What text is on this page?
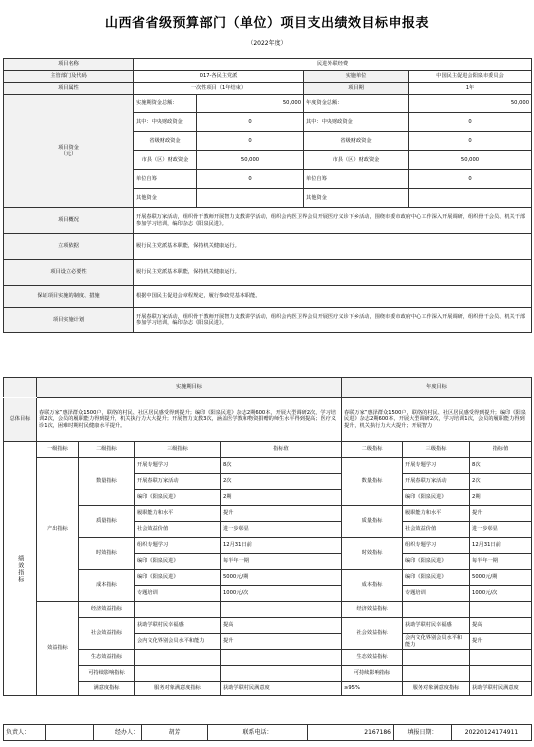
山西省省级预算部门（单位）项目支出绩效目标申报表
（2022年度）
项目名称	民进外联经费			
主管部门及代码	017-各民主党派		实施单位	中国民主促进会阳泉市委员会
项目属性	一次性项目（1年结束）		项目期	1年
项目资金
（元）	实施期资金总额：	50,000	年度资金总额：	50,000
	其中：中央财政资金	0	其中：中央财政资金	0
	省级财政资金	0	省级财政资金	0
	市县（区）财政资金	50,000	市县（区）财政资金	50,000
	单位自筹	0	单位自筹	0
	其他资金		其他资金	
项目概况	开展春联万家活动，组织骨干教师开展智力支教讲学活动，组织会内医卫界会员开展医疗义诊下乡活动，围绕市委市政府中心工作深入开展调研，组织骨干会员、机关干部参加学习培训，编印杂志《阳泉民进》。			
立项依据	履行民主党派基本职能，保持机关健康运行。			
项目设立必要性	履行民主党派基本职能，保持机关健康运行。			
保证项目实施的制度、措施	根据中国民主促进会章程规定，履行参政党基本职能。			
项目实施计划	开展春联万家活动，组织骨干教师开展智力支教讲学活动，组织会内医卫界会员开展医疗义诊下乡活动，围绕市委市政府中心工作深入开展调研，组织骨干会员、机关干部参加学习培训，编印杂志《阳泉民进》。			
	实施期目标				年度目标			
总体目标	春联万家”惠泽群众1500户，联络的村民、社区居民感受得到提升；编印《阳泉民进》杂志2期600本，开展大型调研2次，学习培训2次，会员的履职能力得到提升，机关执行力大大提升；开展智力支教3次，涵盖医学教和物资捐赠的师生水平得到提高；医疗义诊1次，困难时期村民健康水平提升。				春联万家”惠泽群众1500户，联络的村民、社区居民感受得到提升；编印《阳泉民进》杂志2期600本，开展大型调研2次，学习培训1次，会员的履职能力得到提升，机关执行力大大提升；开展智力			

绩效指标	一级指标	二级指标	三级指标	指标值	二级指标	三级指标	指标值	
	产出指标	数量指标	开展专题学习	8次	数量指标	开展专题学习	8次	
			开展春联万家活动	2次		开展春联万家活动	2次	
			编印《阳泉民进》	2期		编印《阳泉民进》	2期	
		质量指标	履职能力和水平	提升	质量指标	履职能力和水平	提升	
			社会效益价值	进一步彰显		社会效益价值	进一步彰显	
		时效指标	组织专题学习	12月31日前	时效指标	组织专题学习	12月31日前	
			编印《阳泉民进》	每半年一期		编印《阳泉民进》	每半年一期	
		成本指标	编印《阳泉民进》	5000元/期	成本指标	编印《阳泉民进》	5000元/期	
			专题培训	1000元/次		专题培训	1000元/次	
	效益指标	经济效益指标			经济效益指标			
		社会效益指标	获助学联村民幸福感	提高	社会效益指标	获助学联村民幸福感	提高	
			会内文化界别会员水平和能力	提升		会内文化界别会员水平和能力	提升	
		生态效益指标			生态效益指标			
		可持续影响指标			可持续影响指标			
		满意度指标	服务对象满意度指标	获助学联村民满意度	≥95%	服务对象满意度指标	获助学联村民满意度	
负责人：		经办人：	胡芳	联系电话：	2167186	填报日期：	20220124174911
